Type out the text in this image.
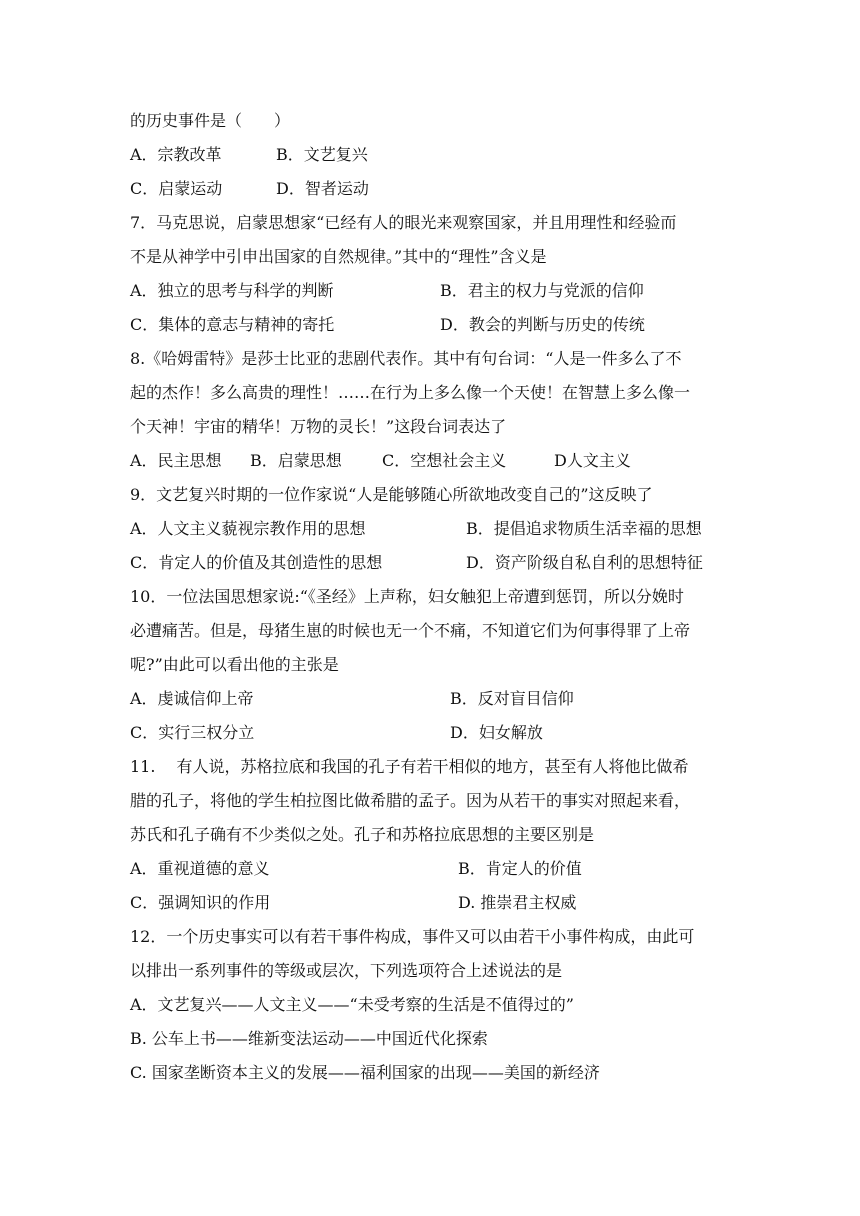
的历史事件是（　　）
A．宗教改革	B．文艺复兴
C．启蒙运动	D．智者运动
7．马克思说，启蒙思想家“已经有人的眼光来观察国家，并且用理性和经验而
不是从神学中引申出国家的自然规律。”其中的“理性”含义是
A．独立的思考与科学的判断	B．君主的权力与党派的信仰
C．集体的意志与精神的寄托	D．教会的判断与历史的传统
8.《哈姆雷特》是莎士比亚的悲剧代表作。其中有句台词：“人是一件多么了不
起的杰作！多么高贵的理性！……在行为上多么像一个天使！在智慧上多么像一
个天神！宇宙的精华！万物的灵长！”这段台词表达了
A．民主思想 B．启蒙思想	C．空想社会主义	D人文主义
9．文艺复兴时期的一位作家说“人是能够随心所欲地改变自己的”这反映了
A．人文主义藐视宗教作用的思想	B．提倡追求物质生活幸福的思想
C．肯定人的价值及其创造性的思想	D．资产阶级自私自利的思想特征
10．一位法国思想家说:“《圣经》上声称，妇女触犯上帝遭到惩罚，所以分娩时
必遭痛苦。但是，母猪生崽的时候也无一个不痛，不知道它们为何事得罪了上帝
呢?”由此可以看出他的主张是
A．虔诚信仰上帝	B．反对盲目信仰
C．实行三权分立	D．妇女解放
11.　 有人说，苏格拉底和我国的孔子有若干相似的地方，甚至有人将他比做希
腊的孔子，将他的学生柏拉图比做希腊的孟子。因为从若干的事实对照起来看，
苏氏和孔子确有不少类似之处。孔子和苏格拉底思想的主要区别是
A．重视道德的意义	B．肯定人的价值
C．强调知识的作用	D. 推崇君主权威
12．一个历史事实可以有若干事件构成，事件又可以由若干小事件构成，由此可
以排出一系列事件的等级或层次，下列选项符合上述说法的是
A．文艺复兴——人文主义——“未受考察的生活是不值得过的”
B. 公车上书——维新变法运动——中国近代化探索
C. 国家垄断资本主义的发展——福利国家的出现——美国的新经济
